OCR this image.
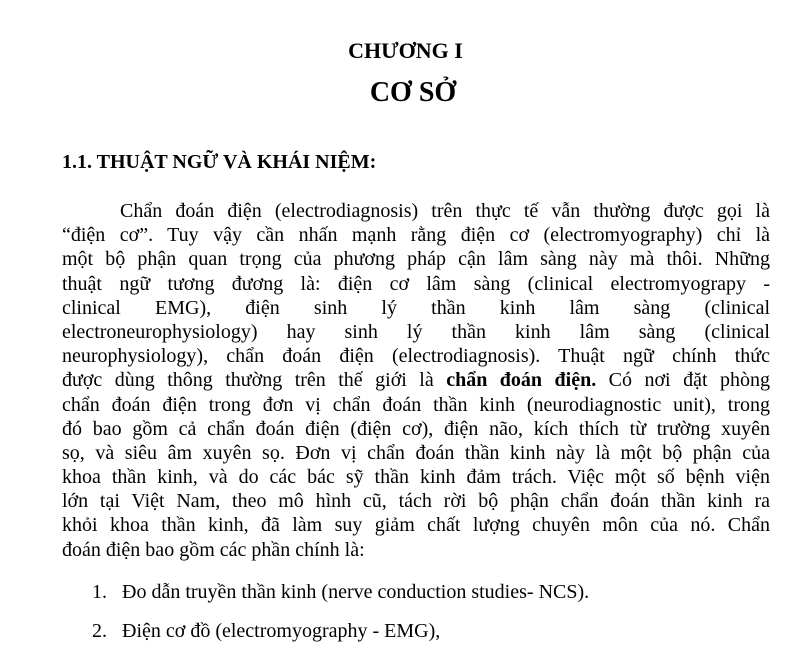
CHƯƠNG I
CƠ SỞ
1.1. THUẬT NGỮ VÀ KHÁI NIỆM:
Chẩn đoán điện (electrodiagnosis) trên thực tế vẫn thường được gọi là
“điện cơ”. Tuy vậy cần nhấn mạnh rằng điện cơ (electromyography) chỉ là
một bộ phận quan trọng của phương pháp cận lâm sàng này mà thôi. Những
thuật ngữ tương đương là: điện cơ lâm sàng (clinical electromyograpy -
clinical EMG), điện sinh lý thần kinh lâm sàng (clinical
electroneurophysiology) hay sinh lý thần kinh lâm sàng (clinical
neurophysiology), chẩn đoán điện (electrodiagnosis). Thuật ngữ chính thức
được dùng thông thường trên thế giới là chẩn đoán điện. Có nơi đặt phòng
chẩn đoán điện trong đơn vị chẩn đoán thần kinh (neurodiagnostic unit), trong
đó bao gồm cả chẩn đoán điện (điện cơ), điện não, kích thích từ trường xuyên
sọ, và siêu âm xuyên sọ. Đơn vị chẩn đoán thần kinh này là một bộ phận của
khoa thần kinh, và do các bác sỹ thần kinh đảm trách. Việc một số bệnh viện
lớn tại Việt Nam, theo mô hình cũ, tách rời bộ phận chẩn đoán thần kinh ra
khỏi khoa thần kinh, đã làm suy giảm chất lượng chuyên môn của nó. Chẩn
đoán điện bao gồm các phần chính là:
1. Đo dẫn truyền thần kinh (nerve conduction studies- NCS).
2. Điện cơ đồ (electromyography - EMG),
